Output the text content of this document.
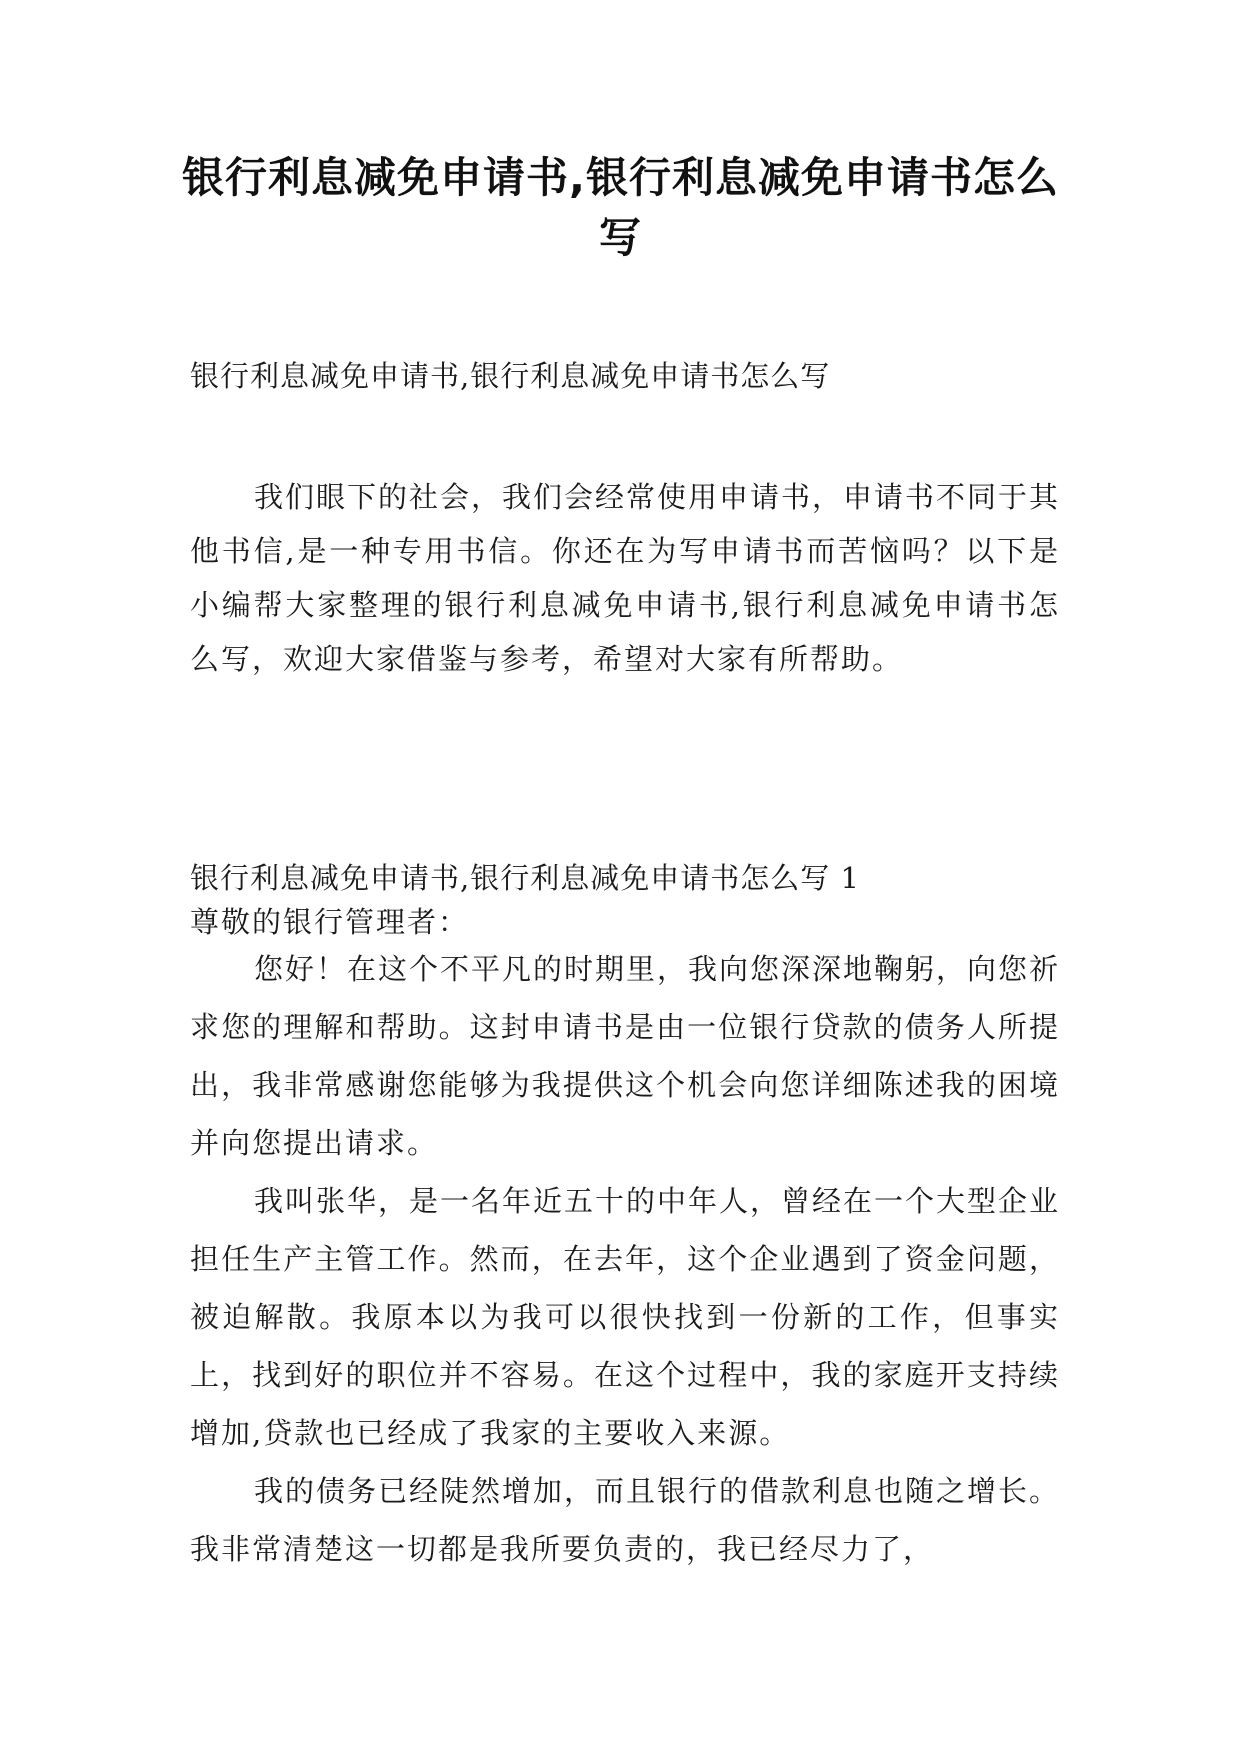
银行利息减免申请书,银行利息减免申请书怎么写
银行利息减免申请书,银行利息减免申请书怎么写
我们眼下的社会，我们会经常使用申请书，申请书不同于其他书信,是一种专用书信。你还在为写申请书而苦恼吗？以下是小编帮大家整理的银行利息减免申请书,银行利息减免申请书怎么写，欢迎大家借鉴与参考，希望对大家有所帮助。
银行利息减免申请书,银行利息减免申请书怎么写 1
尊敬的银行管理者：

您好！在这个不平凡的时期里，我向您深深地鞠躬，向您祈求您的理解和帮助。这封申请书是由一位银行贷款的债务人所提出，我非常感谢您能够为我提供这个机会向您详细陈述我的困境并向您提出请求。

我叫张华，是一名年近五十的中年人，曾经在一个大型企业担任生产主管工作。然而，在去年，这个企业遇到了资金问题，被迫解散。我原本以为我可以很快找到一份新的工作，但事实上，找到好的职位并不容易。在这个过程中，我的家庭开支持续增加,贷款也已经成了我家的主要收入来源。

我的债务已经陡然增加，而且银行的借款利息也随之增长。我非常清楚这一切都是我所要负责的，我已经尽力了，
